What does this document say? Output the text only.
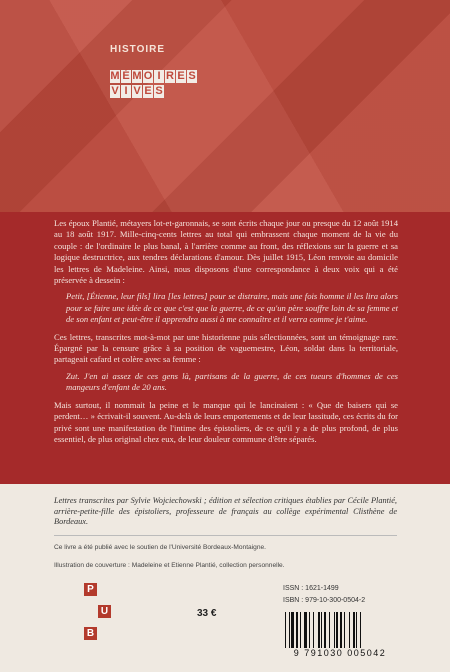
HISTOIRE
M É M O I R E S
V I V E S

Les époux Plantié, métayers lot-et-garonnais, se sont écrits chaque jour ou presque du 12 août 1914 au 18 août 1917. Mille-cinq-cents lettres au total qui embrassent chaque moment de la vie du couple : de l'ordinaire le plus banal, à l'arrière comme au front, des réflexions sur la guerre et sa logique destructrice, aux tendres déclarations d'amour. Dès juillet 1915, Léon renvoie au domicile les lettres de Madeleine. Ainsi, nous disposons d'une correspondance à deux voix qui a été préservée à dessein :

Petit, [Étienne, leur fils] lira [les lettres] pour se distraire, mais une fois homme il les lira alors pour se faire une idée de ce que c'est que la guerre, de ce qu'un père souffre loin de sa femme et de son enfant et peut-être il apprendra aussi à me connaître et il verra comme je t'aime.

Ces lettres, transcrites mot-à-mot par une historienne puis sélectionnées, sont un témoignage rare. Épargné par la censure grâce à sa position de vaguemestre, Léon, soldat dans la territoriale, partageait cafard et colère avec sa femme :

Zut. J'en ai assez de ces gens là, partisans de la guerre, de ces tueurs d'hommes de ces mangeurs d'enfant de 20 ans.

Mais surtout, il nommait la peine et le manque qui le lancinaient : « Que de baisers qui se perdent… » écrivait-il souvent. Au-delà de leurs emportements et de leur lassitude, ces écrits du for privé sont une manifestation de l'intime des épistoliers, de ce qu'il y a de plus profond, de plus essentiel, de plus original chez eux, de leur douleur commune d'être séparés.

Lettres transcrites par Sylvie Wojciechowski ; édition et sélection critiques établies par Cécile Plantié, arrière-petite-fille des épistoliers, professeure de français au collège expérimental Clisthène de Bordeaux.
Ce livre a été publié avec le soutien de l'Université Bordeaux-Montaigne.
Illustration de couverture : Madeleine et Etienne Plantié, collection personnelle.
P
U
B
33 €
ISSN : 1621-1499
ISBN : 979-10-300-0504-2
9 791030 005042
